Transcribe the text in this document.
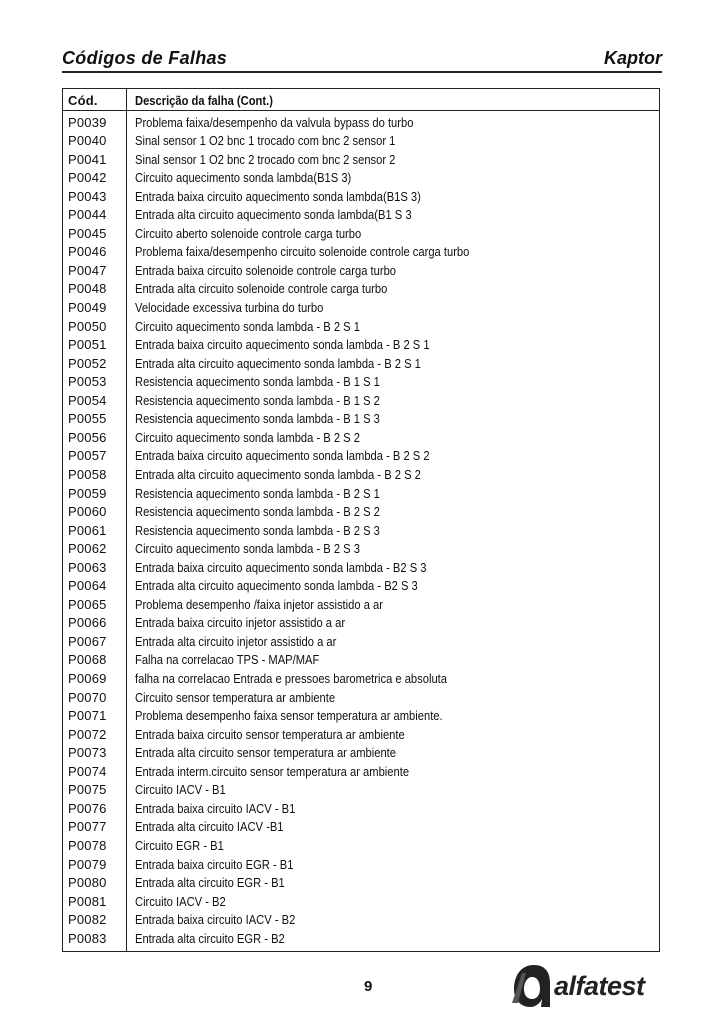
Códigos de Falhas	Kaptor
Cód.	Descrição da falha (Cont.)
P0039	Problema faixa/desempenho da valvula bypass do turbo
P0040	Sinal sensor 1 O2 bnc 1 trocado com bnc 2 sensor 1
P0041	Sinal sensor 1 O2 bnc 2 trocado com bnc 2 sensor 2
P0042	Circuito aquecimento sonda lambda(B1S 3)
P0043	Entrada baixa circuito aquecimento sonda lambda(B1S 3)
P0044	Entrada alta circuito aquecimento sonda lambda(B1 S 3
P0045	Circuito aberto solenoide controle carga turbo
P0046	Problema faixa/desempenho circuito solenoide controle carga turbo
P0047	Entrada baixa circuito solenoide controle carga turbo
P0048	Entrada alta circuito solenoide controle carga turbo
P0049	Velocidade excessiva turbina do turbo
P0050	Circuito aquecimento sonda lambda - B 2 S 1
P0051	Entrada baixa circuito aquecimento sonda lambda - B 2 S 1
P0052	Entrada alta circuito aquecimento sonda lambda - B 2 S 1
P0053	Resistencia aquecimento sonda lambda - B 1 S 1
P0054	Resistencia aquecimento sonda lambda - B 1 S 2
P0055	Resistencia aquecimento sonda lambda - B 1 S 3
P0056	Circuito aquecimento sonda lambda - B 2 S 2
P0057	Entrada baixa circuito aquecimento sonda lambda - B 2 S 2
P0058	Entrada alta circuito aquecimento sonda lambda - B 2 S 2
P0059	Resistencia aquecimento sonda lambda - B 2 S 1
P0060	Resistencia aquecimento sonda lambda - B 2 S 2
P0061	Resistencia aquecimento sonda lambda - B 2 S 3
P0062	Circuito aquecimento sonda lambda - B 2 S 3
P0063	Entrada baixa circuito aquecimento sonda lambda - B2 S 3
P0064	Entrada alta circuito aquecimento sonda lambda - B2 S 3
P0065	Problema desempenho /faixa injetor assistido a ar
P0066	Entrada baixa circuito injetor assistido a ar
P0067	Entrada alta circuito injetor assistido a ar
P0068	Falha na correlacao TPS - MAP/MAF
P0069	falha na correlacao Entrada e pressoes barometrica e absoluta
P0070	Circuito sensor temperatura ar ambiente
P0071	Problema desempenho faixa sensor temperatura ar ambiente.
P0072	Entrada baixa circuito sensor temperatura ar ambiente
P0073	Entrada alta circuito sensor temperatura ar ambiente
P0074	Entrada interm.circuito sensor temperatura ar ambiente
P0075	Circuito IACV - B1
P0076	Entrada baixa circuito IACV - B1
P0077	Entrada alta circuito IACV -B1
P0078	Circuito EGR - B1
P0079	Entrada baixa circuito EGR - B1
P0080	Entrada alta circuito EGR - B1
P0081	Circuito IACV - B2
P0082	Entrada baixa circuito IACV - B2
P0083	Entrada alta circuito EGR - B2
9	alfatest
